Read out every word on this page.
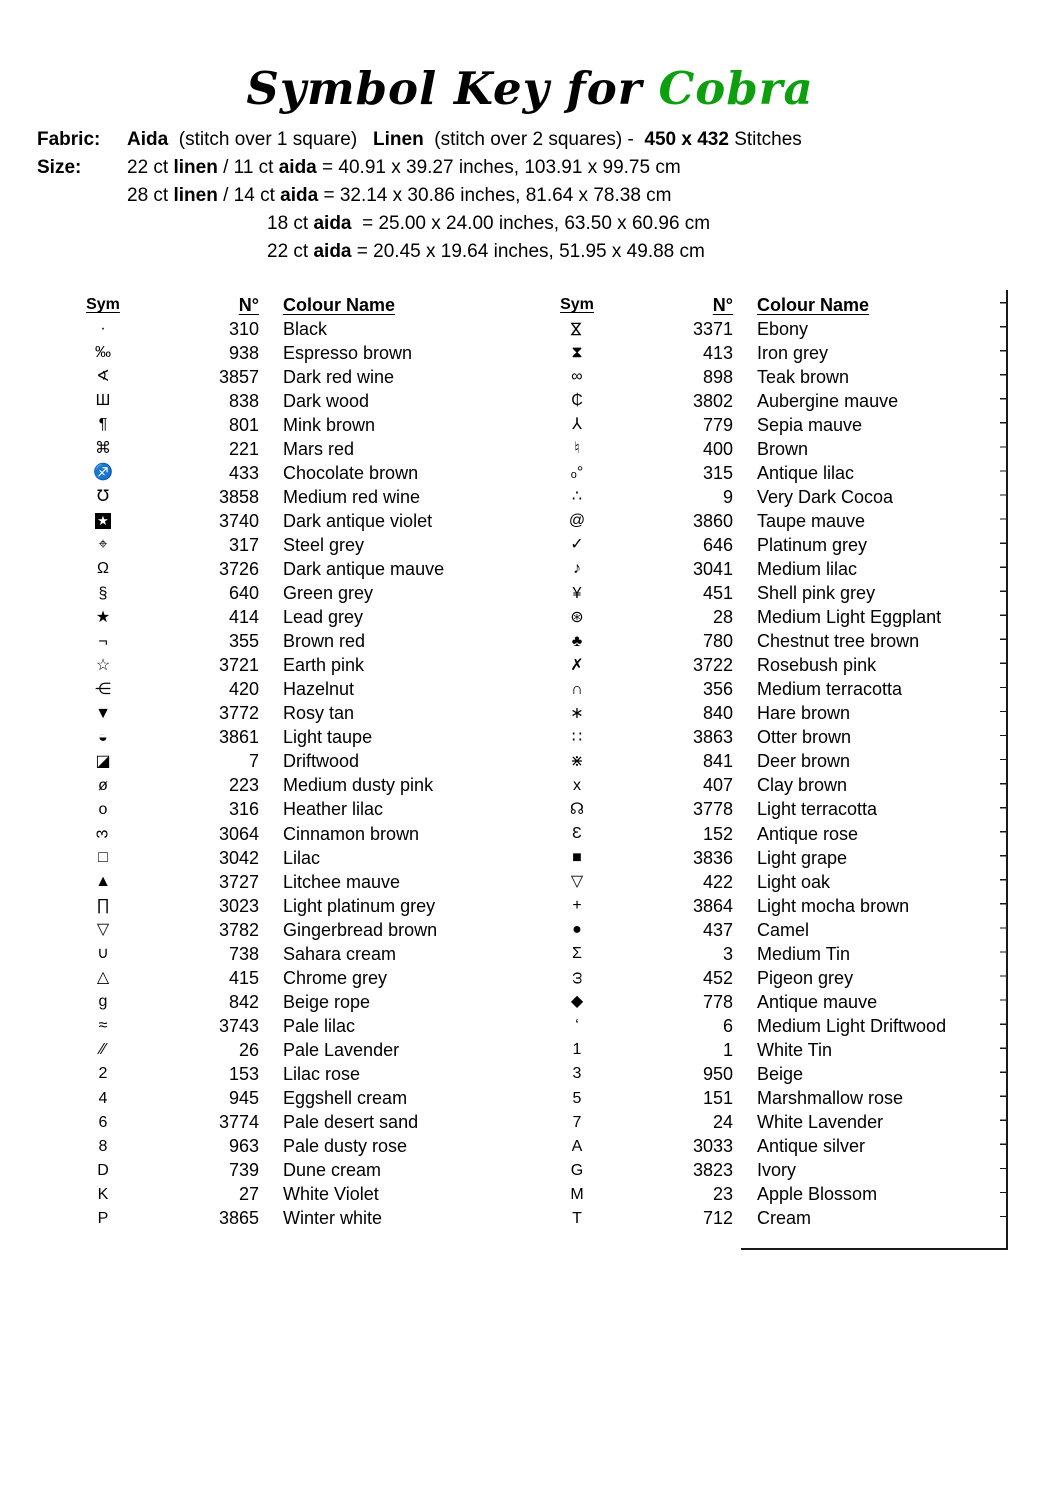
Symbol Key for Cobra
Fabric: Aida  (stitch over 1 square)   Linen  (stitch over 2 squares) -  450 x 432 Stitches
Size: 22 ct linen / 11 ct aida = 40.91 x 39.27 inches, 103.91 x 99.75 cm
28 ct linen / 14 ct aida = 32.14 x 30.86 inches, 81.64 x 78.38 cm
18 ct aida  = 25.00 x 24.00 inches, 63.50 x 60.96 cm
22 ct aida = 20.45 x 19.64 inches, 51.95 x 49.88 cm
Sym	N°	Colour Name
·	310	Black
‰	938	Espresso brown
∢	3857	Dark red wine
Ш	838	Dark wood
¶	801	Mink brown
⌘	221	Mars red
♐	433	Chocolate brown
℧	3858	Medium red wine
★	3740	Dark antique violet
⌖	317	Steel grey
Ω	3726	Dark antique mauve
§	640	Green grey
★	414	Lead grey
¬	355	Brown red
☆	3721	Earth pink
⋲	420	Hazelnut
▼	3772	Rosy tan
◒	3861	Light taupe
◪	7	Driftwood
ø	223	Medium dusty pink
o	316	Heather lilac
3	3064	Cinnamon brown
□	3042	Lilac
▲	3727	Litchee mauve
∏	3023	Light platinum grey
▽	3782	Gingerbread brown
∪	738	Sahara cream
△	415	Chrome grey
g	842	Beige rope
≈	3743	Pale lilac
∕∕	26	Pale Lavender
2	153	Lilac rose
4	945	Eggshell cream
6	3774	Pale desert sand
8	963	Pale dusty rose
D	739	Dune cream
K	27	White Violet
P	3865	Winter white
Sym	N°	Colour Name
⋈	3371	Ebony
⧗	413	Iron grey
∞	898	Teak brown
₵	3802	Aubergine mauve
⅄	779	Sepia mauve
♮	400	Brown
ₒ°	315	Antique lilac
∴	9	Very Dark Cocoa
@	3860	Taupe mauve
✓	646	Platinum grey
♪	3041	Medium lilac
¥	451	Shell pink grey
⊛	28	Medium Light Eggplant
♣	780	Chestnut tree brown
✗	3722	Rosebush pink
∩	356	Medium terracotta
∗	840	Hare brown
∷	3863	Otter brown
⋇	841	Deer brown
x	407	Clay brown
☊	3778	Light terracotta
Ɛ	152	Antique rose
■	3836	Light grape
▽	422	Light oak
+	3864	Light mocha brown
●	437	Camel
Σ	3	Medium Tin
ω	452	Pigeon grey
◆	778	Antique mauve
‘	6	Medium Light Driftwood
1	1	White Tin
3	950	Beige
5	151	Marshmallow rose
7	24	White Lavender
A	3033	Antique silver
G	3823	Ivory
M	23	Apple Blossom
T	712	Cream
